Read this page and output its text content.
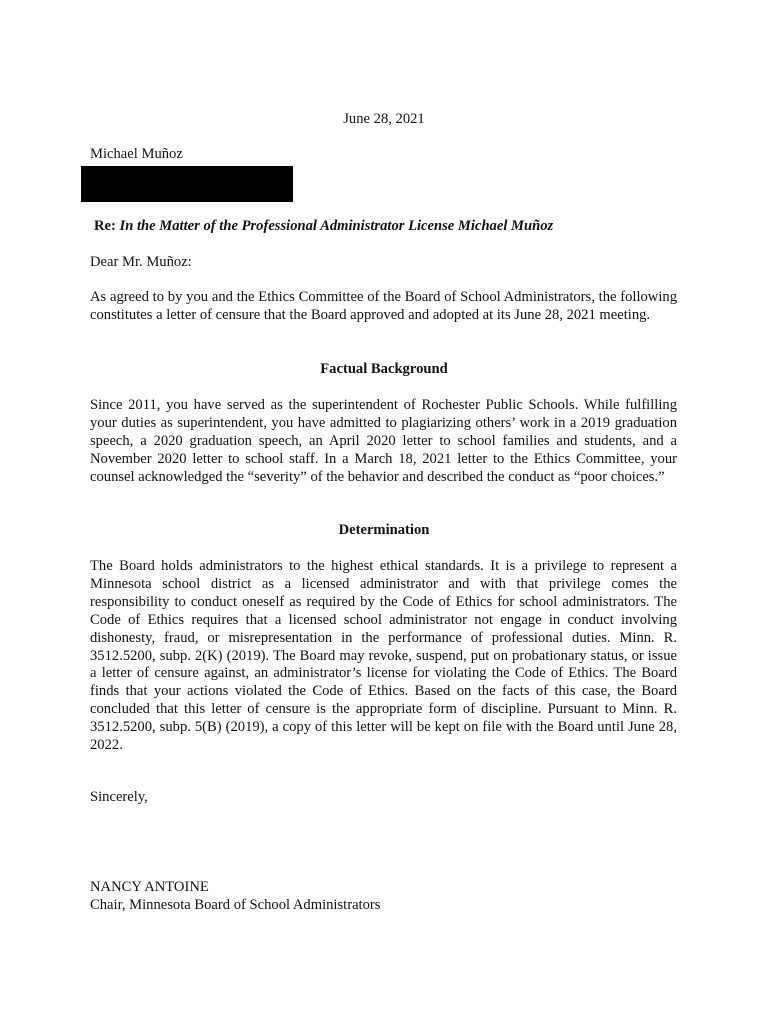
June 28, 2021
Michael Muñoz
Re: In the Matter of the Professional Administrator License Michael Muñoz
Dear Mr. Muñoz:

As agreed to by you and the Ethics Committee of the Board of School Administrators, the following constitutes a letter of censure that the Board approved and adopted at its June 28, 2021 meeting.

Factual Background

Since 2011, you have served as the superintendent of Rochester Public Schools. While fulfilling your duties as superintendent, you have admitted to plagiarizing others’ work in a 2019 graduation speech, a 2020 graduation speech, an April 2020 letter to school families and students, and a November 2020 letter to school staff. In a March 18, 2021 letter to the Ethics Committee, your counsel acknowledged the “severity” of the behavior and described the conduct as “poor choices.”

Determination

The Board holds administrators to the highest ethical standards. It is a privilege to represent a Minnesota school district as a licensed administrator and with that privilege comes the responsibility to conduct oneself as required by the Code of Ethics for school administrators. The Code of Ethics requires that a licensed school administrator not engage in conduct involving dishonesty, fraud, or misrepresentation in the performance of professional duties. Minn. R. 3512.5200, subp. 2(K) (2019). The Board may revoke, suspend, put on probationary status, or issue a letter of censure against, an administrator’s license for violating the Code of Ethics. The Board finds that your actions violated the Code of Ethics. Based on the facts of this case, the Board concluded that this letter of censure is the appropriate form of discipline. Pursuant to Minn. R. 3512.5200, subp. 5(B) (2019), a copy of this letter will be kept on file with the Board until June 28, 2022.

Sincerely,
NANCY ANTOINE
Chair, Minnesota Board of School Administrators
